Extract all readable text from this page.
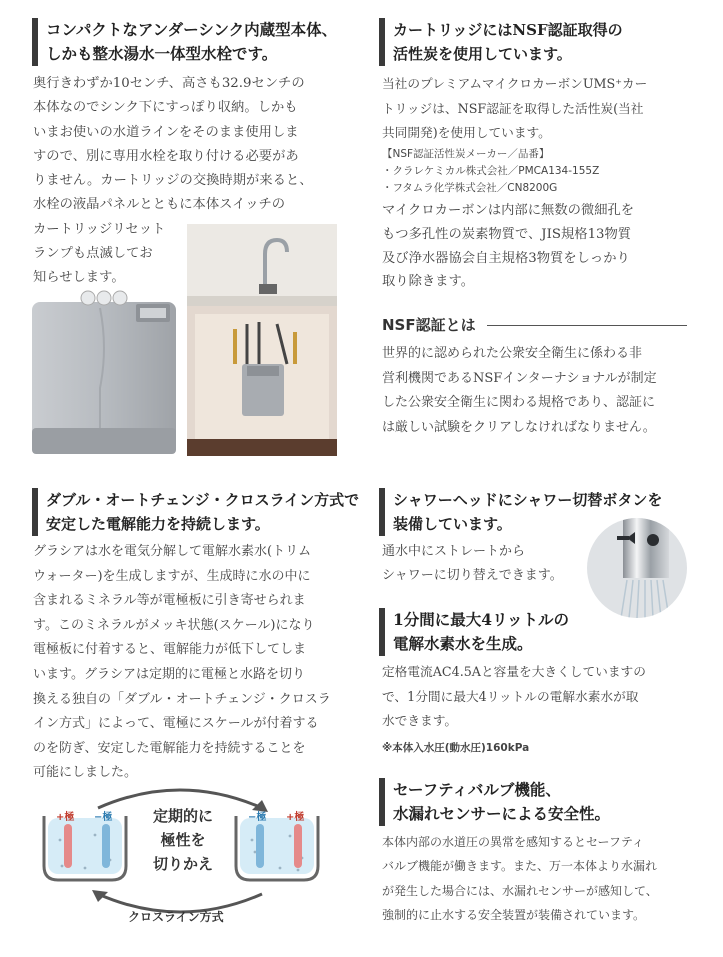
コンパクトなアンダーシンク内蔵型本体、
しかも整水湯水一体型水栓です。
奥行きわずか10センチ、高さも32.9センチの
本体なのでシンク下にすっぽり収納。しかも
いまお使いの水道ラインをそのまま使用しま
すので、別に専用水栓を取り付ける必要があ
りません。カートリッジの交換時期が来ると、
水栓の液晶パネルとともに本体スイッチの
カートリッジリセット
ランプも点滅してお
知らせします。
カートリッジにはNSF認証取得の
活性炭を使用しています。
当社のプレミアムマイクロカーボンUMS⁺カー
トリッジは、NSF認証を取得した活性炭(当社
共同開発)を使用しています。
【NSF認証活性炭メーカー／品番】
・クラレケミカル株式会社／PMCA134-155Z
・フタムラ化学株式会社／CN8200G
マイクロカーボンは内部に無数の微細孔を
もつ多孔性の炭素物質で、JIS規格13物質
及び浄水器協会自主規格3物質をしっかり
取り除きます。
NSF認証とは
世界的に認められた公衆安全衛生に係わる非
営利機関であるNSFインターナショナルが制定
した公衆安全衛生に関わる規格であり、認証に
は厳しい試験をクリアしなければなりません。
ダブル・オートチェンジ・クロスライン方式で
安定した電解能力を持続します。
グラシアは水を電気分解して電解水素水(トリム
ウォーター)を生成しますが、生成時に水の中に
含まれるミネラル等が電極板に引き寄せられま
す。このミネラルがメッキ状態(スケール)になり
電極板に付着すると、電解能力が低下してしま
います。グラシアは定期的に電極と水路を切り
換える独自の「ダブル・オートチェンジ・クロスラ
イン方式」によって、電極にスケールが付着する
のを防ぎ、安定した電解能力を持続することを
可能にしました。
+極 −極	−極 +極
定期的に
極性を
切りかえ
クロスライン方式
シャワーヘッドにシャワー切替ボタンを
装備しています。
通水中にストレートから
シャワーに切り替えできます。
1分間に最大4リットルの
電解水素水を生成。
定格電流AC4.5Aと容量を大きくしていますの
で、1分間に最大4リットルの電解水素水が取
水できます。
※本体入水圧(動水圧)160kPa
セーフティバルブ機能、
水漏れセンサーによる安全性。
本体内部の水道圧の異常を感知するとセーフティ
バルブ機能が働きます。また、万一本体より水漏れ
が発生した場合には、水漏れセンサーが感知して、
強制的に止水する安全装置が装備されています。
